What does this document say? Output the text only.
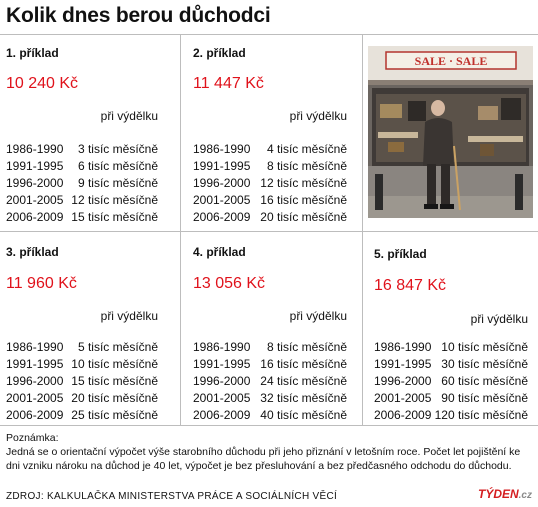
Kolik dnes berou důchodci
1. příklad
10 240 Kč
při výdělku
1986-1990 3 tisíc měsíčně
1991-1995 6 tisíc měsíčně
1996-2000 9 tisíc měsíčně
2001-2005 12 tisíc měsíčně
2006-2009 15 tisíc měsíčně
2. příklad
11 447 Kč
při výdělku
1986-1990 4 tisíc měsíčně
1991-1995 8 tisíc měsíčně
1996-2000 12 tisíc měsíčně
2001-2005 16 tisíc měsíčně
2006-2009 20 tisíc měsíčně
SALE · SALE
3. příklad
11 960 Kč
při výdělku
1986-1990 5 tisíc měsíčně
1991-1995 10 tisíc měsíčně
1996-2000 15 tisíc měsíčně
2001-2005 20 tisíc měsíčně
2006-2009 25 tisíc měsíčně
4. příklad
13 056 Kč
při výdělku
1986-1990 8 tisíc měsíčně
1991-1995 16 tisíc měsíčně
1996-2000 24 tisíc měsíčně
2001-2005 32 tisíc měsíčně
2006-2009 40 tisíc měsíčně
5. příklad
16 847 Kč
při výdělku
1986-1990 10 tisíc měsíčně
1991-1995 30 tisíc měsíčně
1996-2000 60 tisíc měsíčně
2001-2005 90 tisíc měsíčně
2006-2009 120 tisíc měsíčně
Poznámka:
Jedná se o orientační výpočet výše starobního důchodu při jeho přiznání v letošním roce. Počet let pojištění ke dni vzniku nároku na důchod je 40 let, výpočet je bez přesluhování a bez předčasného odchodu do důchodu.
ZDROJ: KALKULAČKA MINISTERSTVA PRÁCE A SOCIÁLNÍCH VĚCÍ	TÝDEN.cz
